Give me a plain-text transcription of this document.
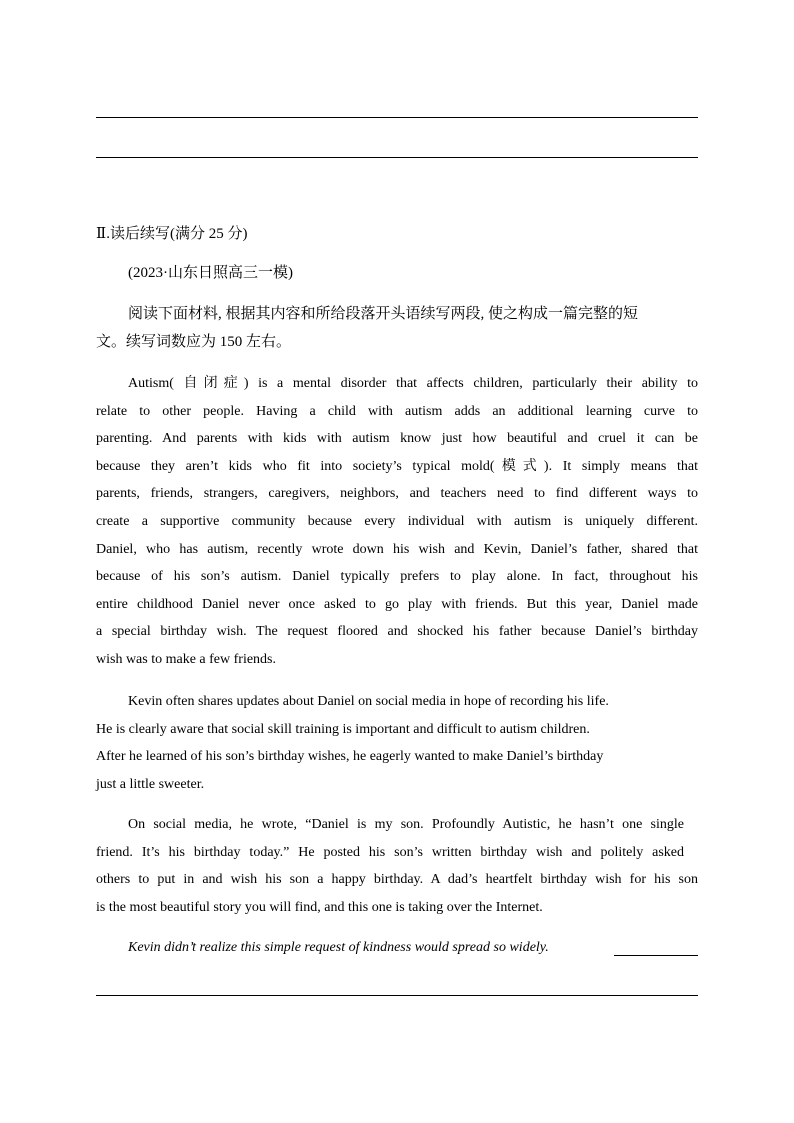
Ⅱ.读后续写(满分 25 分)
(2023·山东日照高三一模)
阅读下面材料, 根据其内容和所给段落开头语续写两段, 使之构成一篇完整的短
文。续写词数应为 150 左右。
Autism( 自闭症) is a mental disorder that affects children, particularly their ability to
relate to other people. Having a child with autism adds an additional learning curve to
parenting. And parents with kids with autism know just how beautiful and cruel it can be
because they aren’t kids who fit into society’s typical mold(模式). It simply means that
parents, friends, strangers, caregivers, neighbors, and teachers need to find different ways to
create a supportive community because every individual with autism is uniquely different.
Daniel, who has autism, recently wrote down his wish and Kevin, Daniel’s father, shared that
because of his son’s autism. Daniel typically prefers to play alone. In fact, throughout his
entire childhood Daniel never once asked to go play with friends. But this year, Daniel made
a special birthday wish. The request floored and shocked his father because Daniel’s birthday
wish was to make a few friends.
Kevin often shares updates about Daniel on social media in hope of recording his life.
He is clearly aware that social skill training is important and difficult to autism children.
After he learned of his son’s birthday wishes, he eagerly wanted to make Daniel’s birthday
just a little sweeter.
On social media, he wrote, “Daniel is my son. Profoundly Autistic, he hasn’t one single
friend. It’s his birthday today.” He posted his son’s written birthday wish and politely asked
others to put in and wish his son a happy birthday. A dad’s heartfelt birthday wish for his son
is the most beautiful story you will find, and this one is taking over the Internet.
Kevin didn’t realize this simple request of kindness would spread so widely.
